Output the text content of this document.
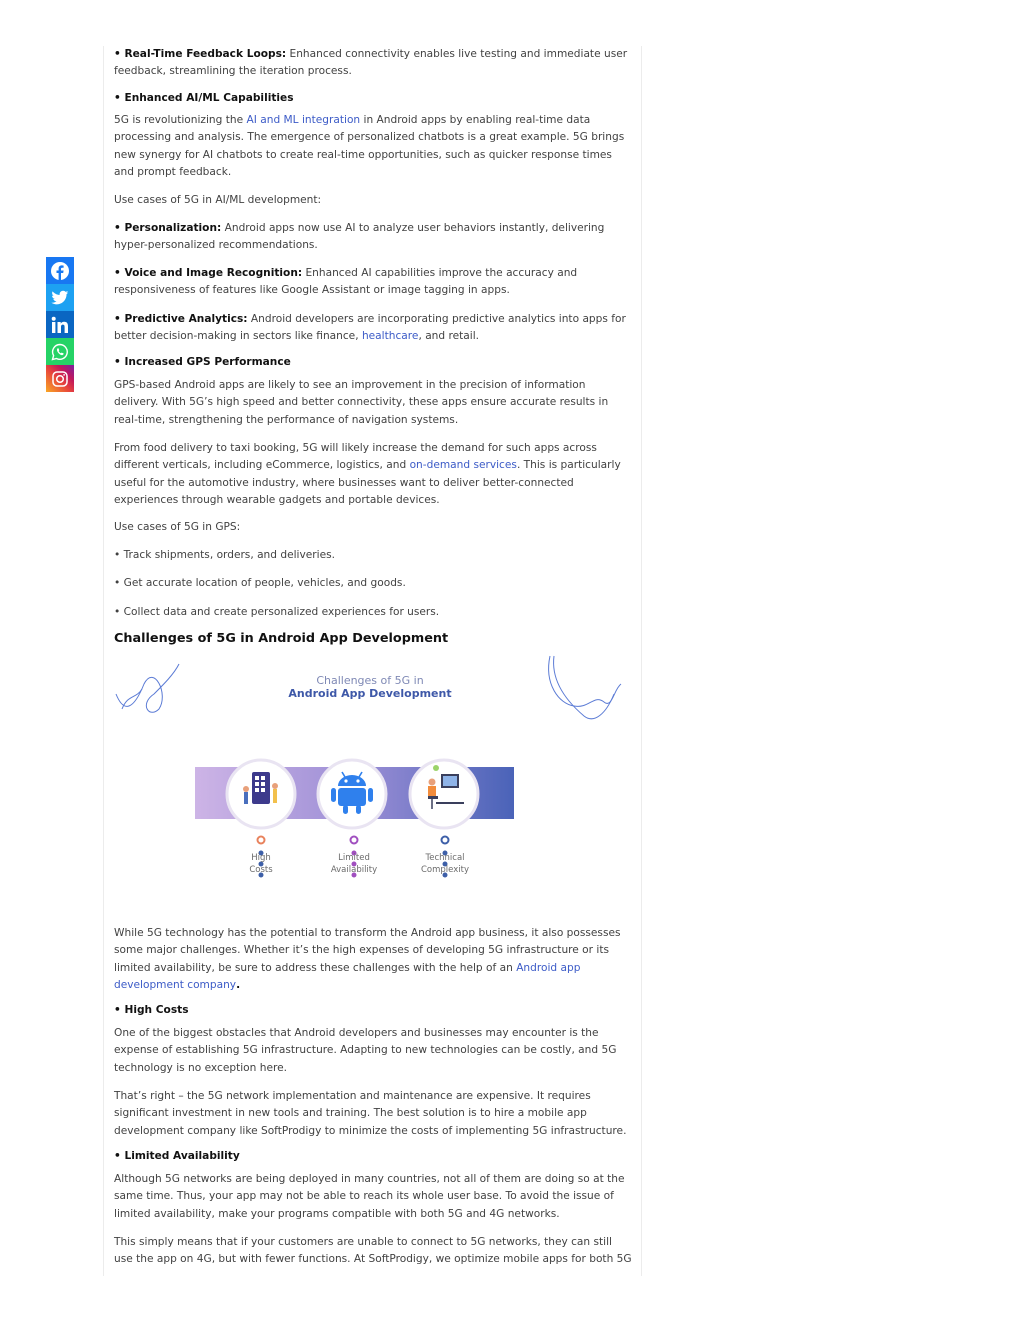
• Real-Time Feedback Loops: Enhanced connectivity enables live testing and immediate user feedback, streamlining the iteration process.

• Enhanced AI/ML Capabilities

5G is revolutionizing the AI and ML integration in Android apps by enabling real-time data processing and analysis. The emergence of personalized chatbots is a great example. 5G brings new synergy for AI chatbots to create real-time opportunities, such as quicker response times and prompt feedback.

Use cases of 5G in AI/ML development:

• Personalization: Android apps now use AI to analyze user behaviors instantly, delivering hyper-personalized recommendations.

• Voice and Image Recognition: Enhanced AI capabilities improve the accuracy and responsiveness of features like Google Assistant or image tagging in apps.

• Predictive Analytics: Android developers are incorporating predictive analytics into apps for better decision-making in sectors like finance, healthcare, and retail.

• Increased GPS Performance

GPS-based Android apps are likely to see an improvement in the precision of information delivery. With 5G’s high speed and better connectivity, these apps ensure accurate results in real-time, strengthening the performance of navigation systems.

From food delivery to taxi booking, 5G will likely increase the demand for such apps across different verticals, including eCommerce, logistics, and on-demand services. This is particularly useful for the automotive industry, where businesses want to deliver better-connected experiences through wearable gadgets and portable devices.

Use cases of 5G in GPS:

• Track shipments, orders, and deliveries.

• Get accurate location of people, vehicles, and goods.

• Collect data and create personalized experiences for users.

Challenges of 5G in Android App Development
Challenges of 5G in
Android App Development
High
Costs
Limited
Availability
Technical
Complexity

While 5G technology has the potential to transform the Android app business, it also possesses some major challenges. Whether it’s the high expenses of developing 5G infrastructure or its limited availability, be sure to address these challenges with the help of an Android app development company.

• High Costs

One of the biggest obstacles that Android developers and businesses may encounter is the expense of establishing 5G infrastructure. Adapting to new technologies can be costly, and 5G technology is no exception here.

That’s right – the 5G network implementation and maintenance are expensive. It requires significant investment in new tools and training. The best solution is to hire a mobile app development company like SoftProdigy to minimize the costs of implementing 5G infrastructure.

• Limited Availability

Although 5G networks are being deployed in many countries, not all of them are doing so at the same time. Thus, your app may not be able to reach its whole user base. To avoid the issue of limited availability, make your programs compatible with both 5G and 4G networks.

This simply means that if your customers are unable to connect to 5G networks, they can still use the app on 4G, but with fewer functions. At SoftProdigy, we optimize mobile apps for both 5G
